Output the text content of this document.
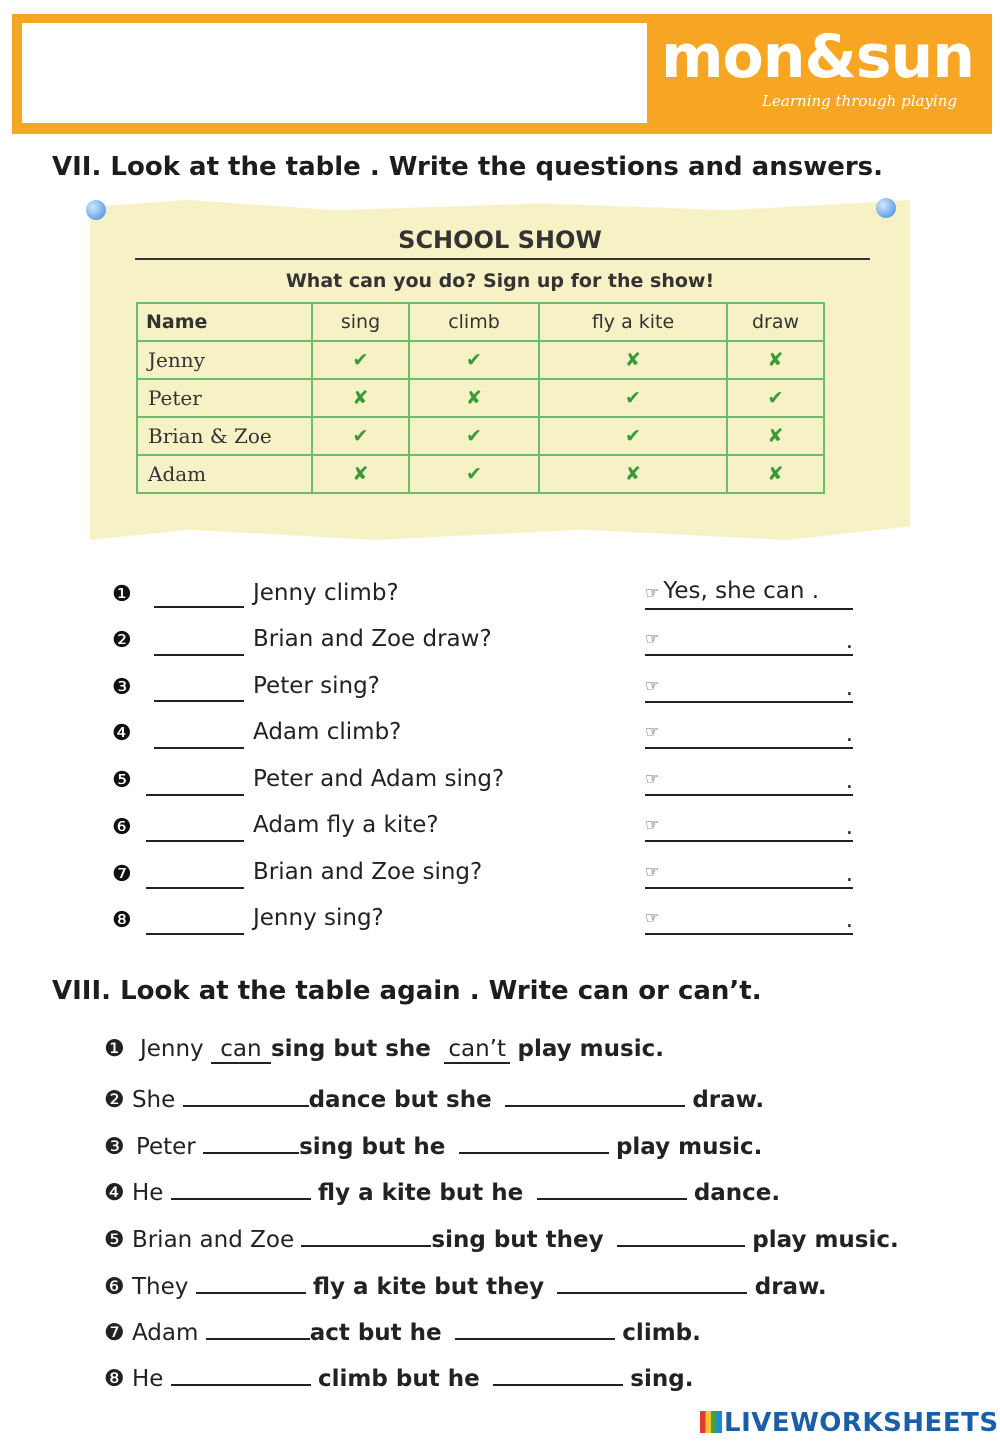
mon&sun
Learning through playing
VII. Look at the table . Write the questions and answers.
SCHOOL SHOW
What can you do? Sign up for the show!
Name	sing	climb	fly a kite	draw
Jenny	✔	✔	✘	✘
Peter	✘	✘	✔	✔
Brian & Zoe	✔	✔	✔	✘
Adam	✘	✔	✘	✘
❶	Jenny climb?	☞ Yes, she can .
❷	Brian and Zoe draw?	☞	.
❸	Peter sing?	☞	.
❹	Adam climb?	☞	.
❺	Peter and Adam sing?	☞	.
❻	Adam fly a kite?	☞	.
❼	Brian and Zoe sing?	☞	.
❽	Jenny sing?	☞	.
VIII. Look at the table again . Write can or can’t.
❶ Jenny can sing but she can’t play music.
❷ She	dance but she	draw.
❸ Peter	sing but he	play music.
❹ He	fly a kite but he	dance.
❺ Brian and Zoe	sing but they	play music.
❻ They	fly a kite but they	draw.
❼ Adam	act but he	climb.
❽ He	climb but he	sing.
LIVEWORKSHEETS
